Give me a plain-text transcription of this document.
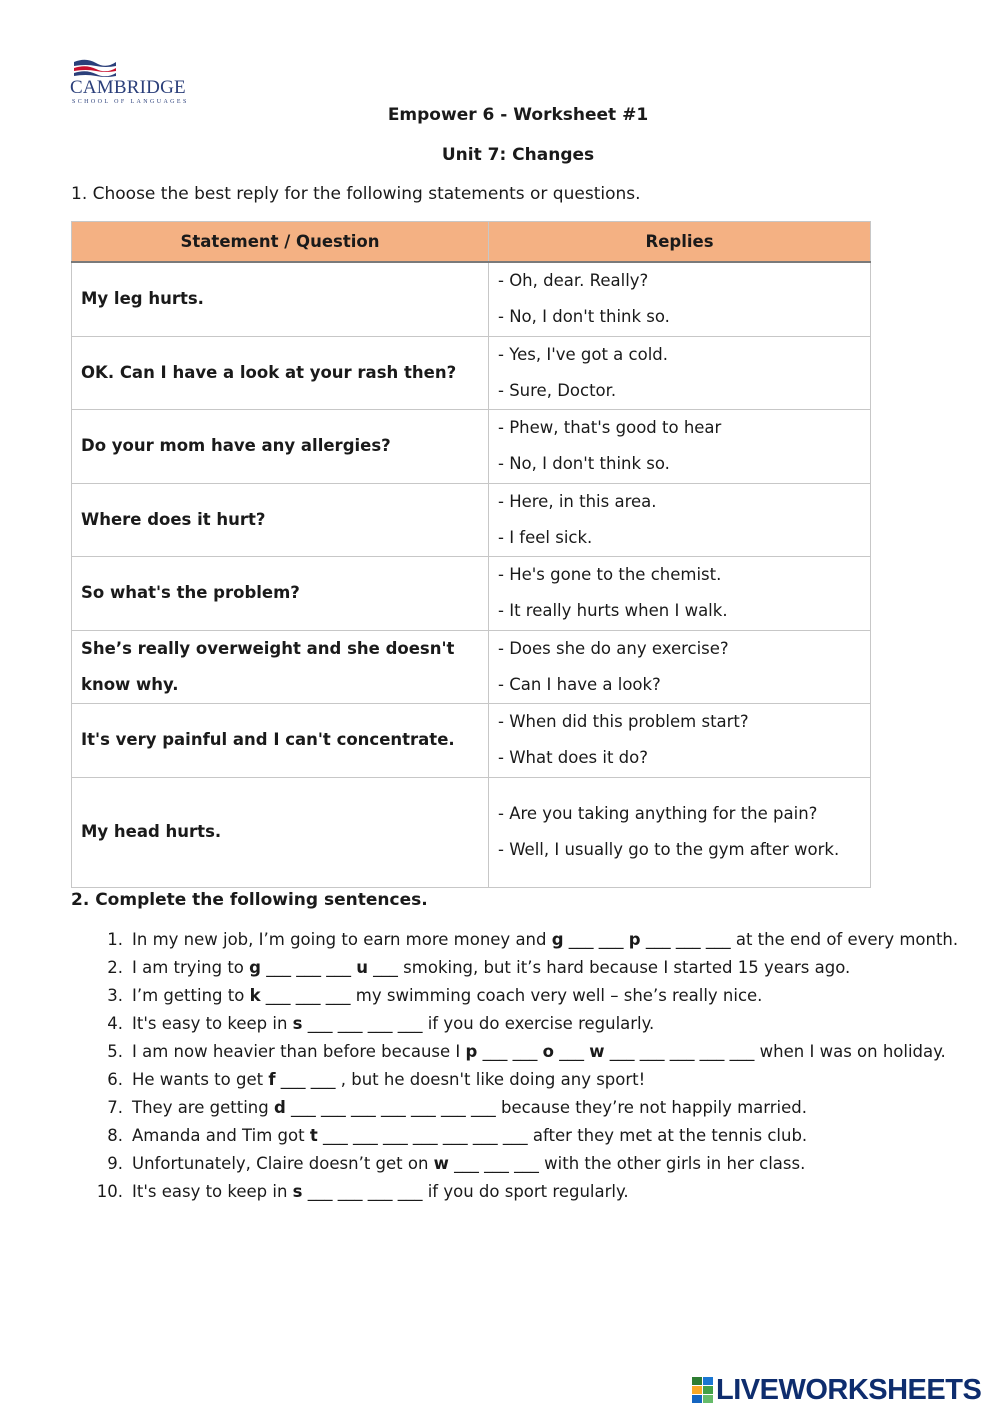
CAMBRIDGE
SCHOOL OF LANGUAGES
Empower 6 - Worksheet #1
Unit 7: Changes
1. Choose the best reply for the following statements or questions.
Statement / Question	Replies
My leg hurts.	- Oh, dear. Really?
- No, I don't think so.

OK. Can I have a look at your rash then?	- Yes, I've got a cold.
- Sure, Doctor.

Do your mom have any allergies?	- Phew, that's good to hear
- No, I don't think so.

Where does it hurt?	- Here, in this area.
- I feel sick.

So what's the problem?	- He's gone to the chemist.
- It really hurts when I walk.

She’s really overweight and she doesn't know why.	- Does she do any exercise?
- Can I have a look?

It's very painful and I can't concentrate.	- When did this problem start?
- What does it do?

My head hurts.	- Are you taking anything for the pain?
- Well, I usually go to the gym after work.
2. Complete the following sentences.
1. In my new job, I’m going to earn more money and g ___ ___ p ___ ___ ___ at the end of every month.
2. I am trying to g ___ ___ ___ u ___ smoking, but it’s hard because I started 15 years ago.
3. I’m getting to k ___ ___ ___ my swimming coach very well – she’s really nice.
4. It's easy to keep in s ___ ___ ___ ___ if you do exercise regularly.
5. I am now heavier than before because I p ___ ___ o ___ w ___ ___ ___ ___ ___ when I was on holiday.
6. He wants to get f ___ ___ , but he doesn't like doing any sport!
7. They are getting d ___ ___ ___ ___ ___ ___ ___ because they’re not happily married.
8. Amanda and Tim got t ___ ___ ___ ___ ___ ___ ___ after they met at the tennis club.
9. Unfortunately, Claire doesn’t get on w ___ ___ ___ with the other girls in her class.
10. It's easy to keep in s ___ ___ ___ ___ if you do sport regularly.
LIVEWORKSHEETS
